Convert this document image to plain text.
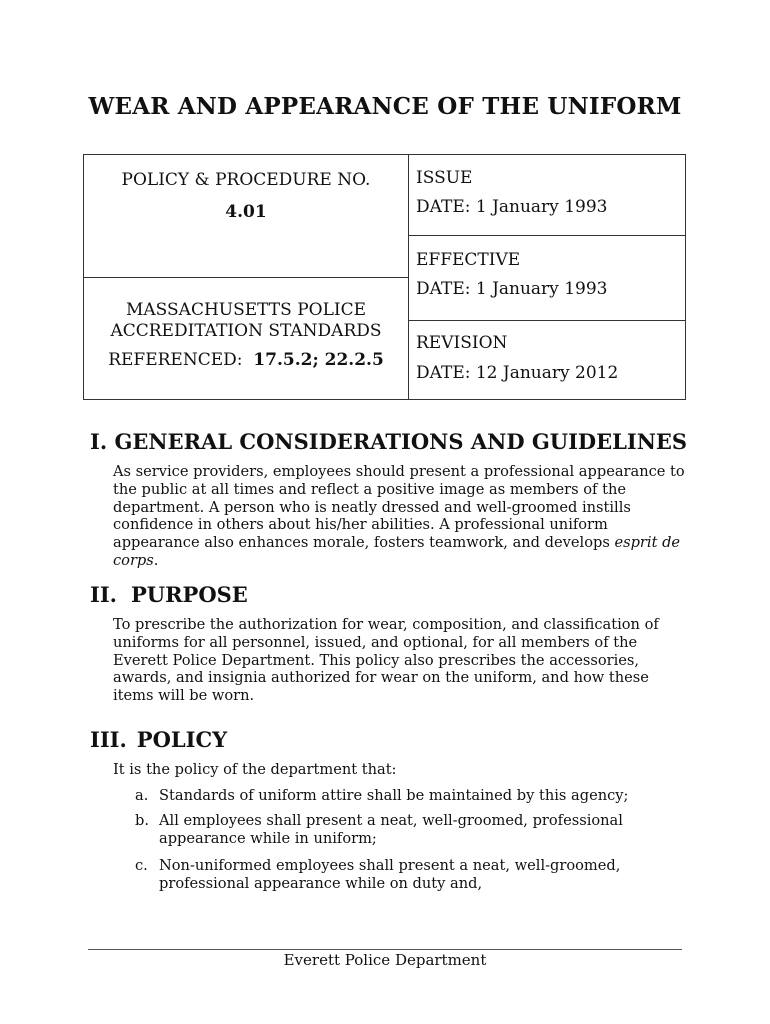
WEAR AND APPEARANCE OF THE UNIFORM
POLICY & PROCEDURE NO.
4.01
MASSACHUSETTS POLICE
ACCREDITATION STANDARDS
REFERENCED: 17.5.2; 22.2.5
ISSUE
DATE: 1 January 1993
EFFECTIVE
DATE: 1 January 1993
REVISION
DATE: 12 January 2012
I. GENERAL CONSIDERATIONS AND GUIDELINES
As service providers, employees should present a professional appearance to
the public at all times and reflect a positive image as members of the
department. A person who is neatly dressed and well-groomed instills
confidence in others about his/her abilities. A professional uniform
appearance also enhances morale, fosters teamwork, and develops esprit de
corps.
II. PURPOSE
To prescribe the authorization for wear, composition, and classification of
uniforms for all personnel, issued, and optional, for all members of the
Everett Police Department. This policy also prescribes the accessories,
awards, and insignia authorized for wear on the uniform, and how these
items will be worn.
III. POLICY
It is the policy of the department that:
a. Standards of uniform attire shall be maintained by this agency;
b. All employees shall present a neat, well-groomed, professional
appearance while in uniform;
c. Non-uniformed employees shall present a neat, well-groomed,
professional appearance while on duty and,
Everett Police Department
